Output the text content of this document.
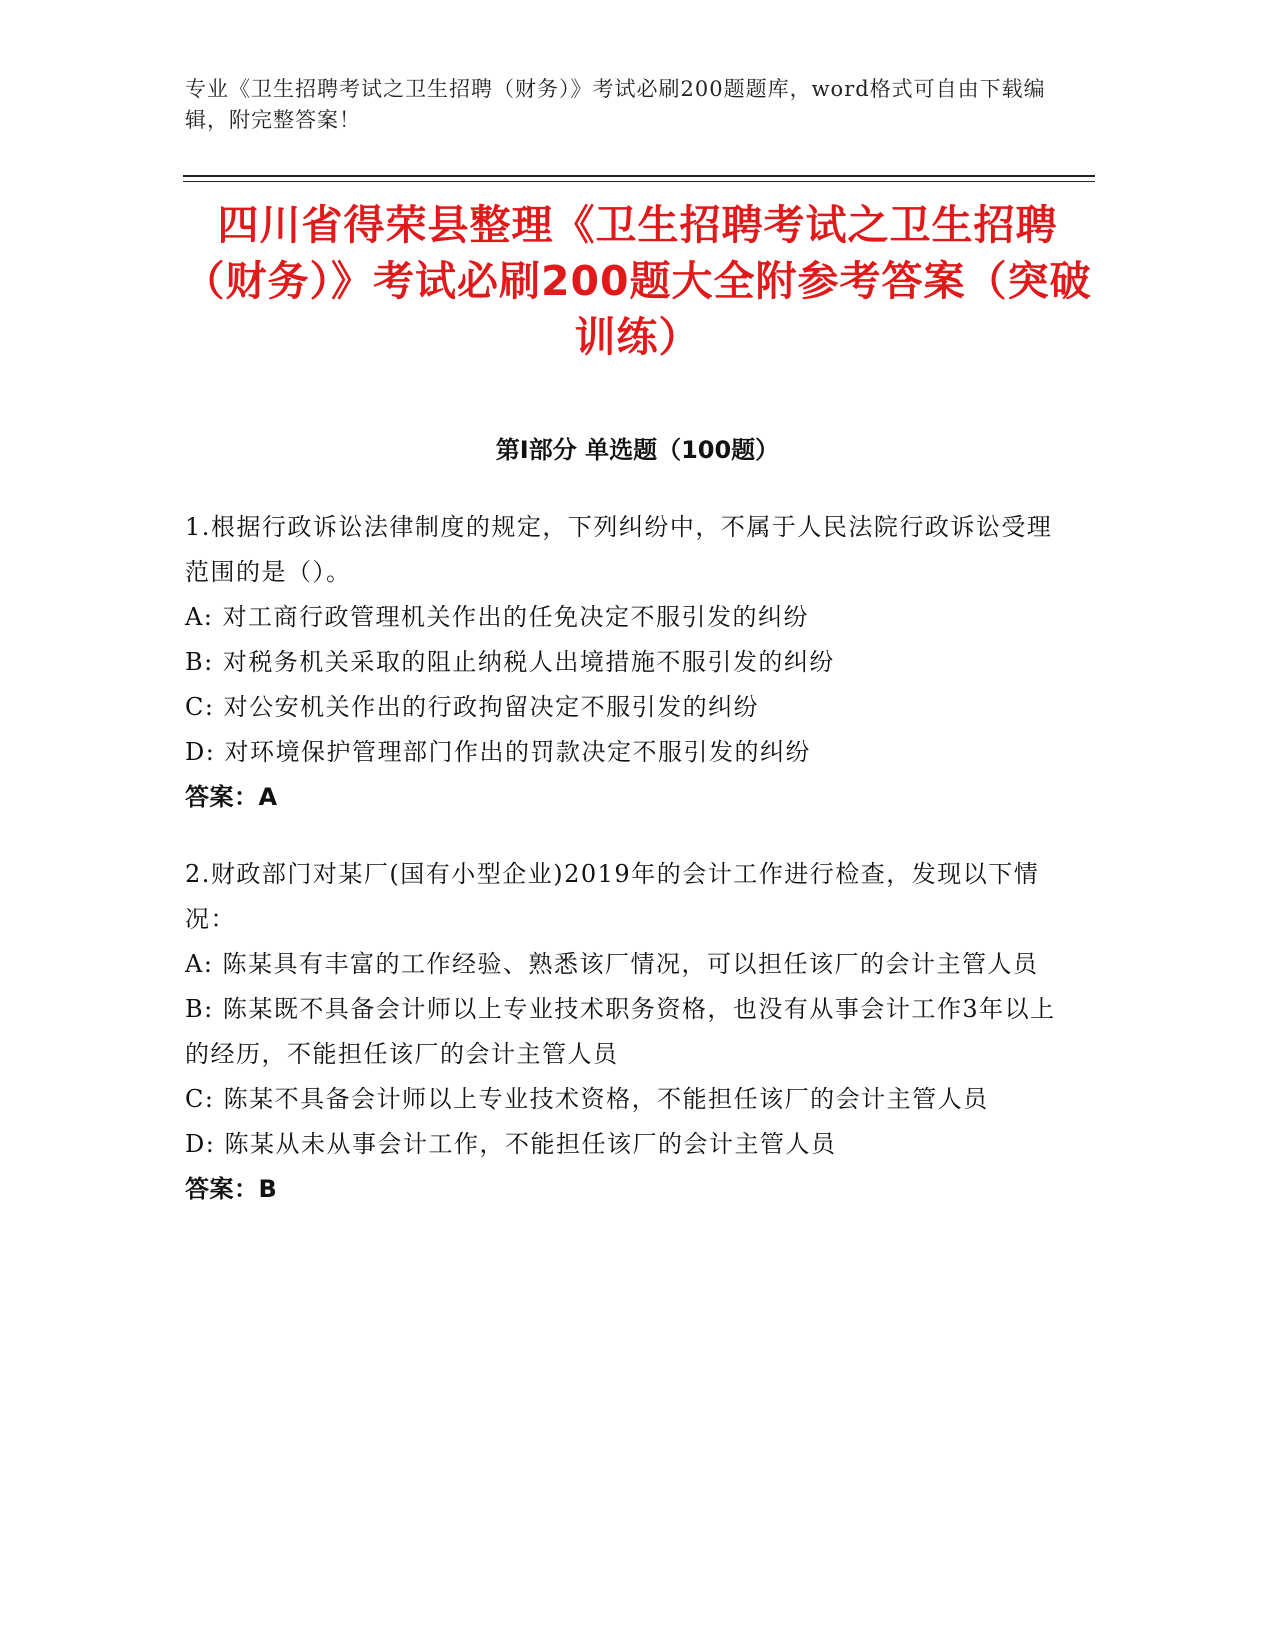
专业《卫生招聘考试之卫生招聘（财务）》考试必刷200题题库，word格式可自由下载编辑，附完整答案！
四川省得荣县整理《卫生招聘考试之卫生招聘（财务）》考试必刷200题大全附参考答案（突破训练）
第I部分 单选题（100题）
1.根据行政诉讼法律制度的规定，下列纠纷中，不属于人民法院行政诉讼受理范围的是（）。
A: 对工商行政管理机关作出的任免决定不服引发的纠纷
B: 对税务机关采取的阻止纳税人出境措施不服引发的纠纷
C: 对公安机关作出的行政拘留决定不服引发的纠纷
D: 对环境保护管理部门作出的罚款决定不服引发的纠纷
答案：A
2.财政部门对某厂(国有小型企业)2019年的会计工作进行检查，发现以下情况：
A: 陈某具有丰富的工作经验、熟悉该厂情况，可以担任该厂的会计主管人员
B: 陈某既不具备会计师以上专业技术职务资格，也没有从事会计工作3年以上的经历，不能担任该厂的会计主管人员
C: 陈某不具备会计师以上专业技术资格，不能担任该厂的会计主管人员
D: 陈某从未从事会计工作，不能担任该厂的会计主管人员
答案：B
